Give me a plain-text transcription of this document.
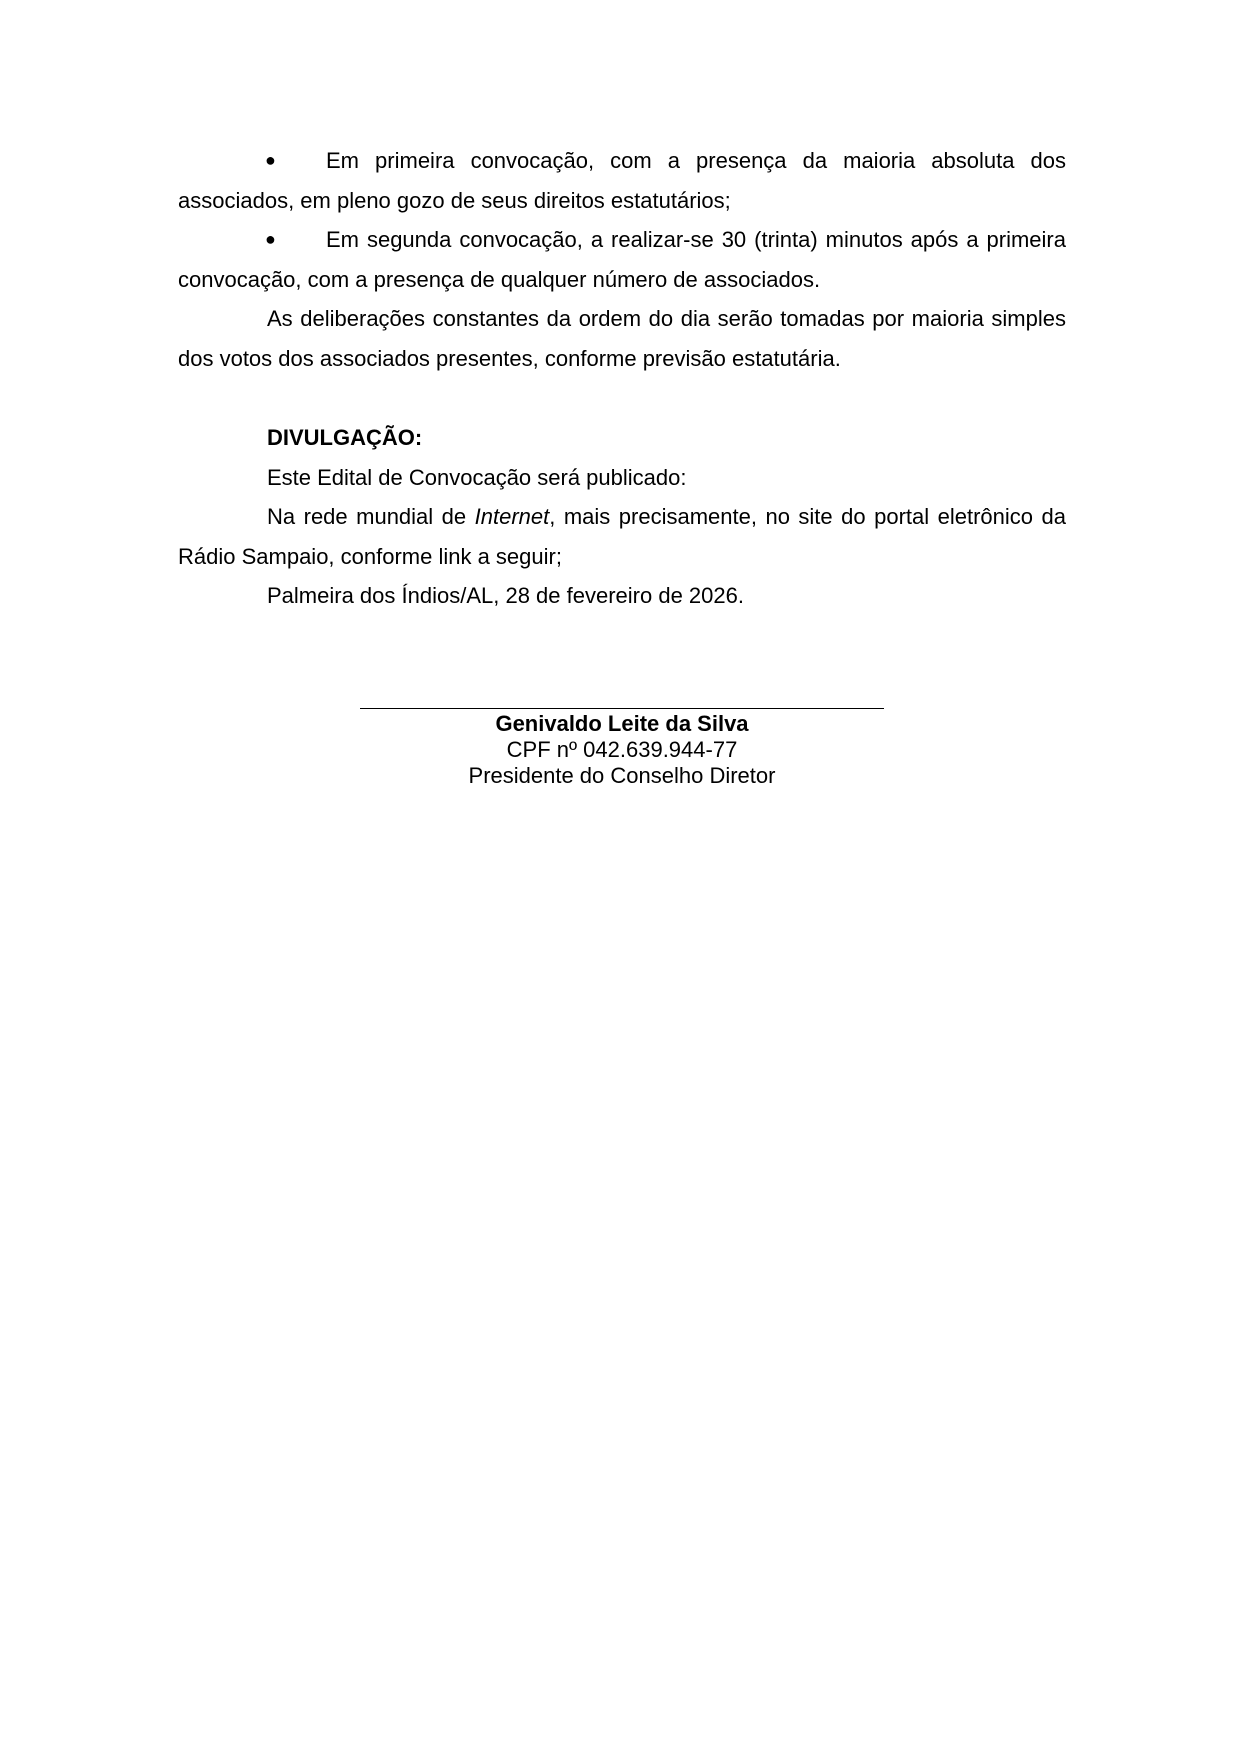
● Em primeira convocação, com a presença da maioria absoluta dos associados, em pleno gozo de seus direitos estatutários;

● Em segunda convocação, a realizar-se 30 (trinta) minutos após a primeira convocação, com a presença de qualquer número de associados.

As deliberações constantes da ordem do dia serão tomadas por maioria simples dos votos dos associados presentes, conforme previsão estatutária.

DIVULGAÇÃO:

Este Edital de Convocação será publicado:

Na rede mundial de Internet, mais precisamente, no site do portal eletrônico da Rádio Sampaio, conforme link a seguir;

Palmeira dos Índios/AL, 28 de fevereiro de 2026.

Genivaldo Leite da Silva
CPF nº 042.639.944-77
Presidente do Conselho Diretor
